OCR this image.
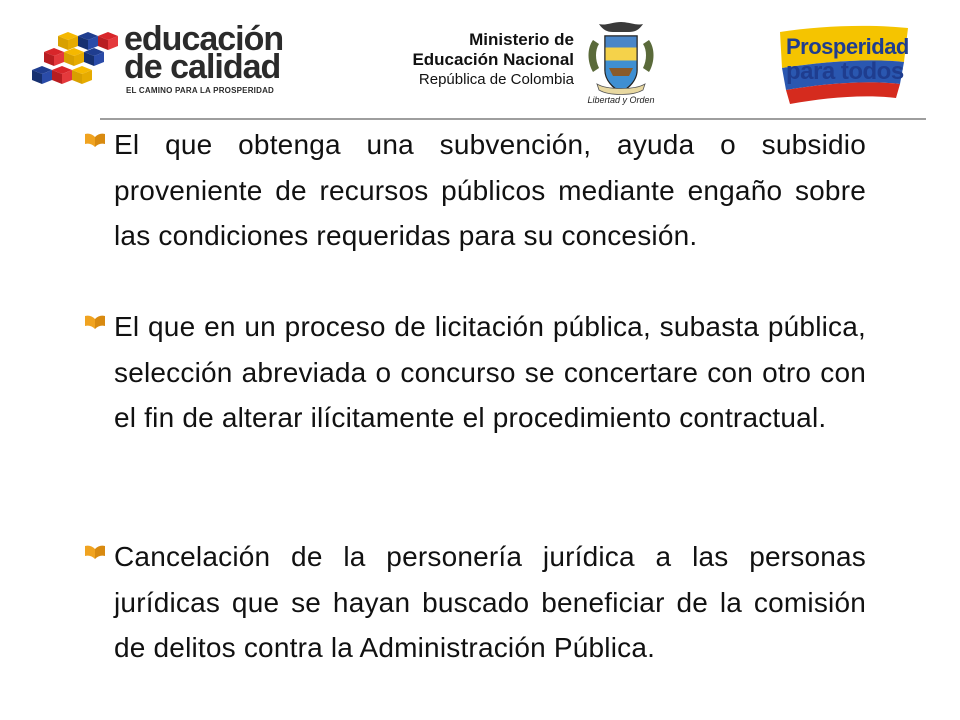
educación
de calidad
EL CAMINO PARA LA PROSPERIDAD
Ministerio de
Educación Nacional
República de Colombia
Libertad y Orden
Prosperidad
para todos

El que obtenga una subvención, ayuda o subsidio proveniente de recursos públicos mediante engaño sobre las condiciones requeridas para su concesión.

El que en un proceso de licitación pública, subasta pública, selección abreviada o concurso se concertare con otro con el fin de alterar ilícitamente el procedimiento contractual.

Cancelación de la personería jurídica a las personas jurídicas que se hayan buscado beneficiar de la comisión de delitos contra la Administración Pública.
